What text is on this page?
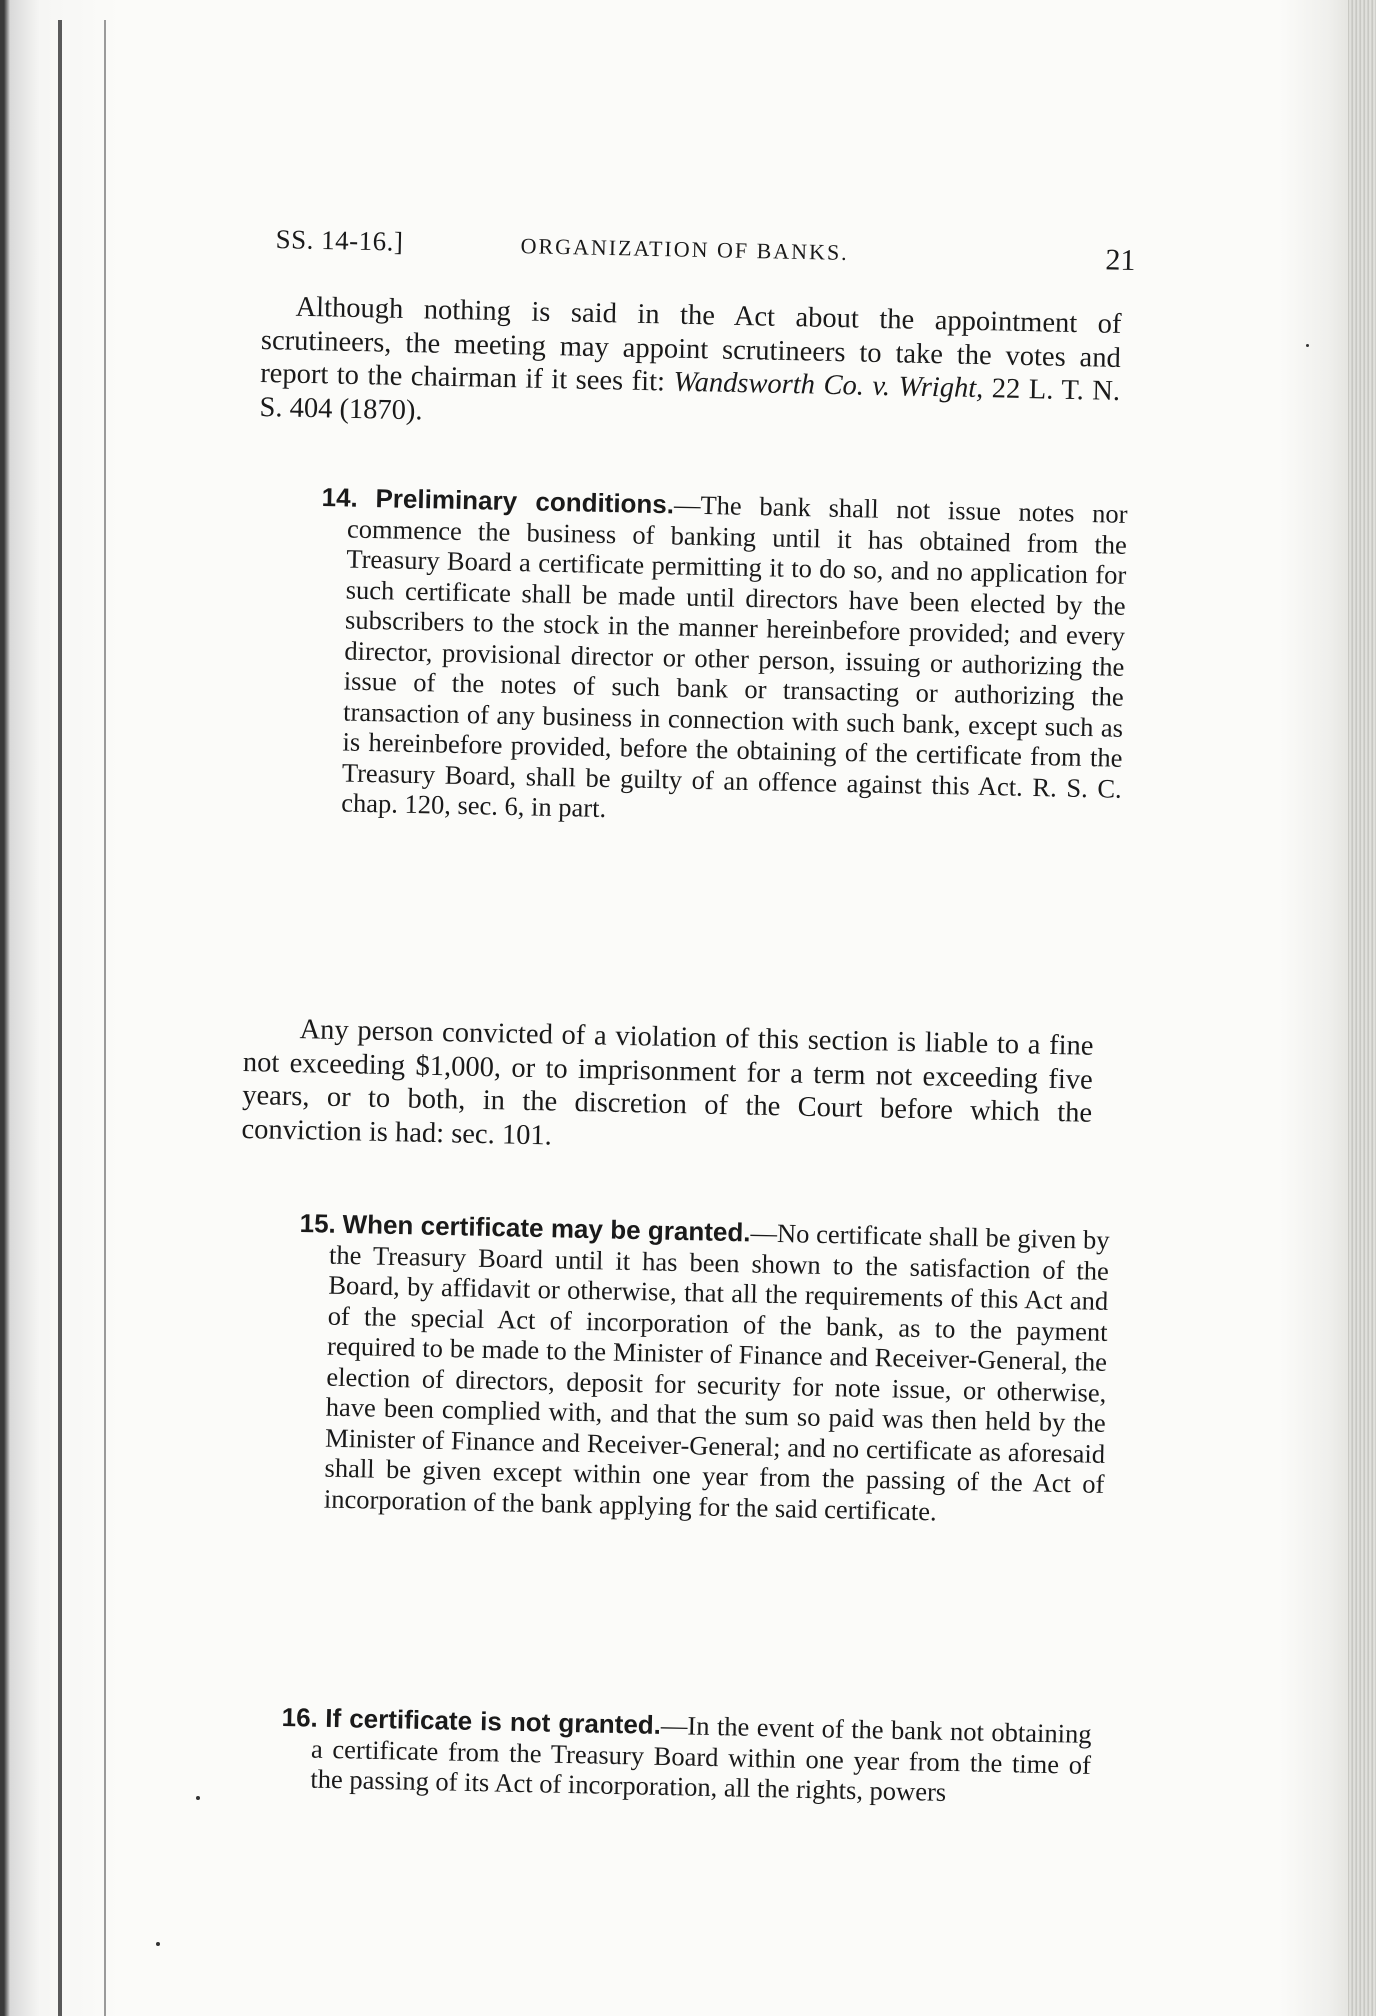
SS. 14-16.]	ORGANIZATION OF BANKS.	21

Although nothing is said in the Act about the appointment of scrutineers, the meeting may appoint scrutineers to take the votes and report to the chairman if it sees fit: Wandsworth Co. v. Wright, 22 L. T. N. S. 404 (1870).

14. Preliminary conditions.—The bank shall not issue notes nor commence the business of banking until it has obtained from the Treasury Board a certificate permitting it to do so, and no application for such certificate shall be made until directors have been elected by the subscribers to the stock in the manner hereinbefore provided; and every director, provisional director or other person, issuing or authorizing the issue of the notes of such bank or transacting or authorizing the transaction of any business in connection with such bank, except such as is hereinbefore provided, before the obtaining of the certificate from the Treasury Board, shall be guilty of an offence against this Act. R. S. C. chap. 120, sec. 6, in part.

Any person convicted of a violation of this section is liable to a fine not exceeding $1,000, or to imprisonment for a term not exceeding five years, or to both, in the discretion of the Court before which the conviction is had: sec. 101.

15. When certificate may be granted.—No certificate shall be given by the Treasury Board until it has been shown to the satisfaction of the Board, by affidavit or otherwise, that all the requirements of this Act and of the special Act of incorporation of the bank, as to the payment required to be made to the Minister of Finance and Receiver-General, the election of directors, deposit for security for note issue, or otherwise, have been complied with, and that the sum so paid was then held by the Minister of Finance and Receiver-General; and no certificate as aforesaid shall be given except within one year from the passing of the Act of incorporation of the bank applying for the said certificate.

16. If certificate is not granted.—In the event of the bank not obtaining a certificate from the Treasury Board within one year from the time of the passing of its Act of incorporation, all the rights, powers
